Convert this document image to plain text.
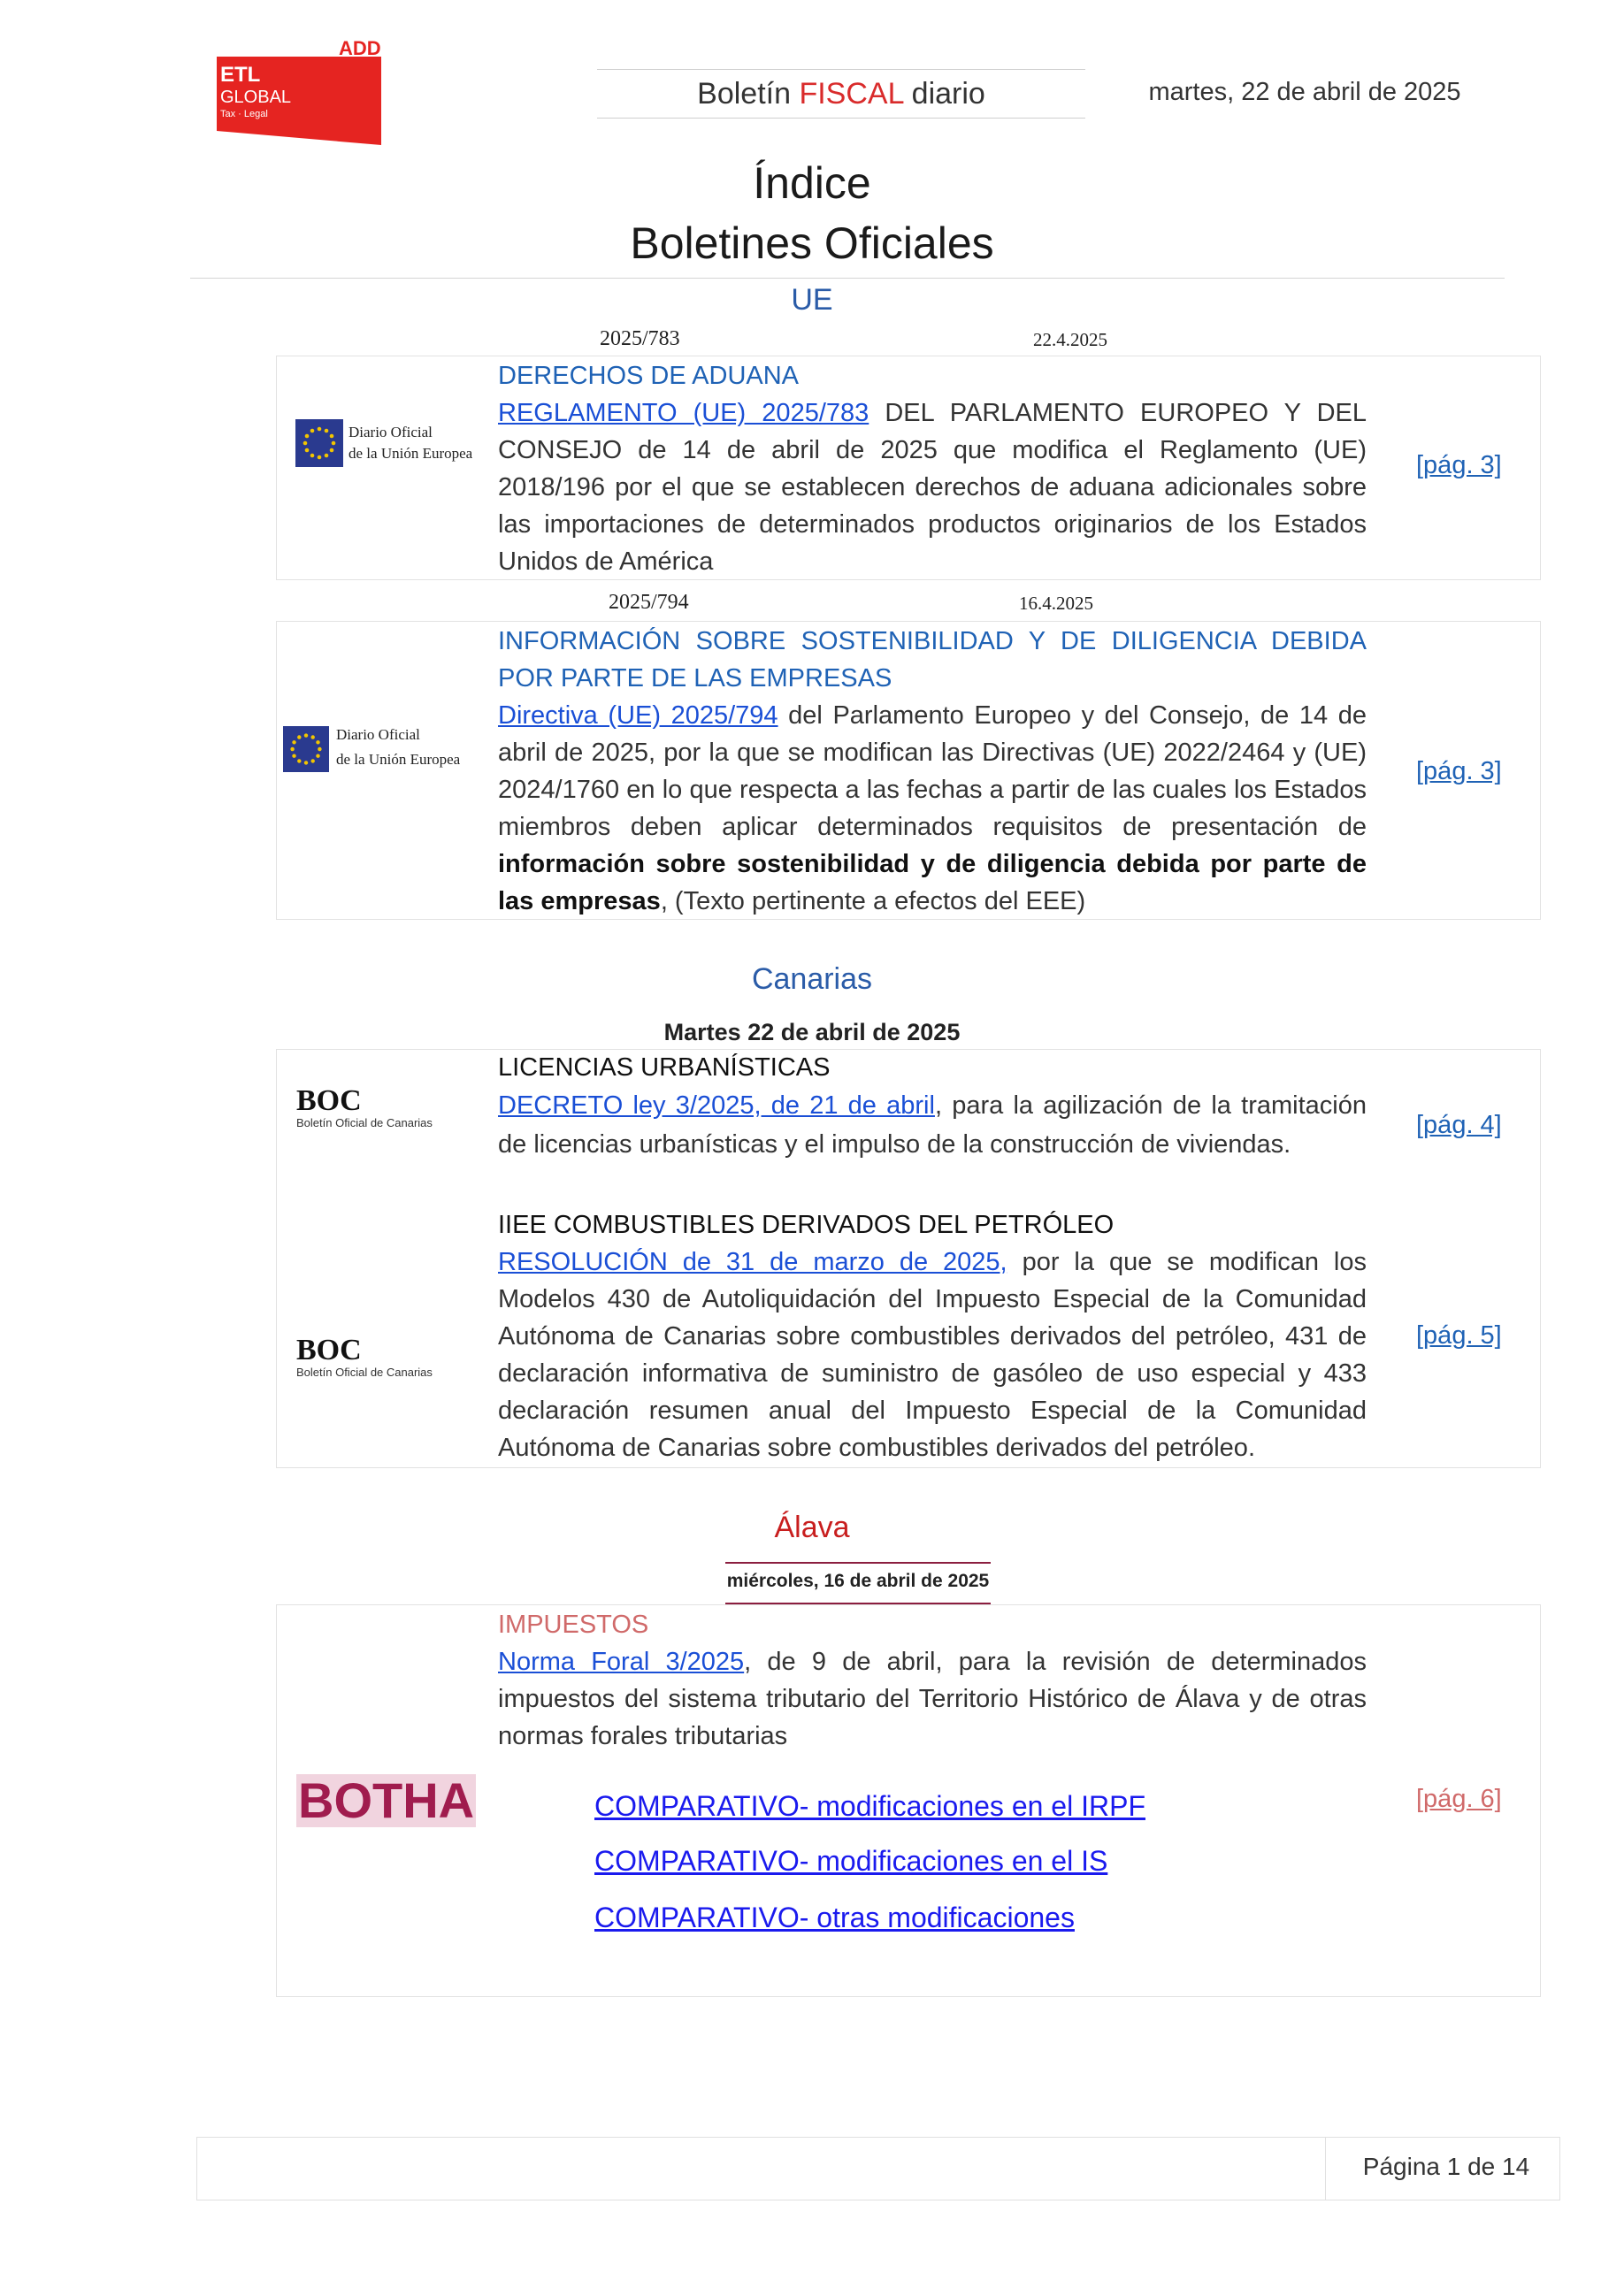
ADD
ETL
GLOBAL
Tax · Legal
Boletín FISCAL diario	martes, 22 de abril de 2025
Índice
Boletines Oficiales
UE
2025/783	22.4.2025
Diario Oficial
de la Unión Europea
DERECHOS DE ADUANA
REGLAMENTO (UE) 2025/783 DEL PARLAMENTO EUROPEO Y DEL CONSEJO de 14 de abril de 2025 que modifica el Reglamento (UE) 2018/196 por el que se establecen derechos de aduana adicionales sobre las importaciones de determinados productos originarios de los Estados Unidos de América
[pág. 3]
2025/794	16.4.2025
Diario Oficial
de la Unión Europea
INFORMACIÓN SOBRE SOSTENIBILIDAD Y DE DILIGENCIA DEBIDA POR PARTE DE LAS EMPRESAS
Directiva (UE) 2025/794 del Parlamento Europeo y del Consejo, de 14 de abril de 2025, por la que se modifican las Directivas (UE) 2022/2464 y (UE) 2024/1760 en lo que respecta a las fechas a partir de las cuales los Estados miembros deben aplicar determinados requisitos de presentación de información sobre sostenibilidad y de diligencia debida por parte de las empresas, (Texto pertinente a efectos del EEE)
[pág. 3]
Canarias
Martes 22 de abril de 2025
BOC
Boletín Oficial de Canarias
LICENCIAS URBANÍSTICAS
DECRETO ley 3/2025, de 21 de abril, para la agilización de la tramitación de licencias urbanísticas y el impulso de la construcción de viviendas.
[pág. 4]
BOC
Boletín Oficial de Canarias
IIEE COMBUSTIBLES DERIVADOS DEL PETRÓLEO
RESOLUCIÓN de 31 de marzo de 2025, por la que se modifican los Modelos 430 de Autoliquidación del Impuesto Especial de la Comunidad Autónoma de Canarias sobre combustibles derivados del petróleo, 431 de declaración informativa de suministro de gasóleo de uso especial y 433 declaración resumen anual del Impuesto Especial de la Comunidad Autónoma de Canarias sobre combustibles derivados del petróleo.
[pág. 5]
Álava
miércoles, 16 de abril de 2025
BOTHA
IMPUESTOS
Norma Foral 3/2025, de 9 de abril, para la revisión de determinados impuestos del sistema tributario del Territorio Histórico de Álava y de otras normas forales tributarias
COMPARATIVO- modificaciones en el IRPF
COMPARATIVO- modificaciones en el IS
COMPARATIVO- otras modificaciones
[pág. 6]
Página 1 de 14
